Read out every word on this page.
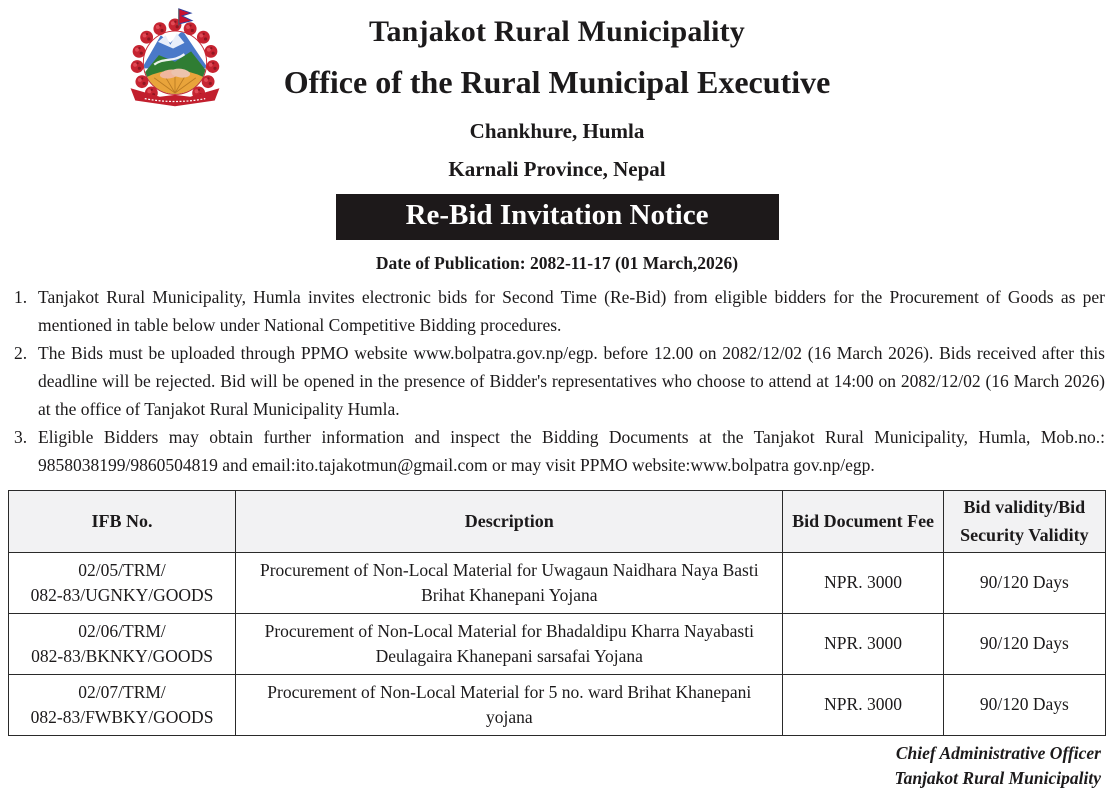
Tanjakot Rural Municipality
Office of the Rural Municipal Executive
Chankhure, Humla
Karnali Province, Nepal
Re-Bid Invitation Notice
Date of Publication: 2082-11-17 (01 March,2026)
1. Tanjakot Rural Municipality, Humla invites electronic bids for Second Time (Re-Bid) from eligible bidders for the Procurement of Goods as per mentioned in table below under National Competitive Bidding procedures.
2. The Bids must be uploaded through PPMO website www.bolpatra.gov.np/egp. before 12.00 on 2082/12/02 (16 March 2026). Bids received after this deadline will be rejected. Bid will be opened in the presence of Bidder's representatives who choose to attend at 14:00 on 2082/12/02 (16 March 2026) at the office of Tanjakot Rural Municipality Humla.
3. Eligible Bidders may obtain further information and inspect the Bidding Documents at the Tanjakot Rural Municipality, Humla, Mob.no.: 9858038199/9860504819 and email:ito.tajakotmun@gmail.com or may visit PPMO website:www.bolpatra gov.np/egp.
IFB No.	Description	Bid Document Fee	Bid validity/Bid Security Validity

02/05/TRM/
082-83/UGNKY/GOODS	Procurement of Non-Local Material for Uwagaun Naidhara Naya Basti Brihat Khanepani Yojana	NPR. 3000	90/120 Days

02/06/TRM/
082-83/BKNKY/GOODS	Procurement of Non-Local Material for Bhadaldipu Kharra Nayabasti Deulagaira Khanepani sarsafai Yojana	NPR. 3000	90/120 Days

02/07/TRM/
082-83/FWBKY/GOODS	Procurement of Non-Local Material for 5 no. ward Brihat Khanepani yojana	NPR. 3000	90/120 Days
Chief Administrative Officer
Tanjakot Rural Municipality
